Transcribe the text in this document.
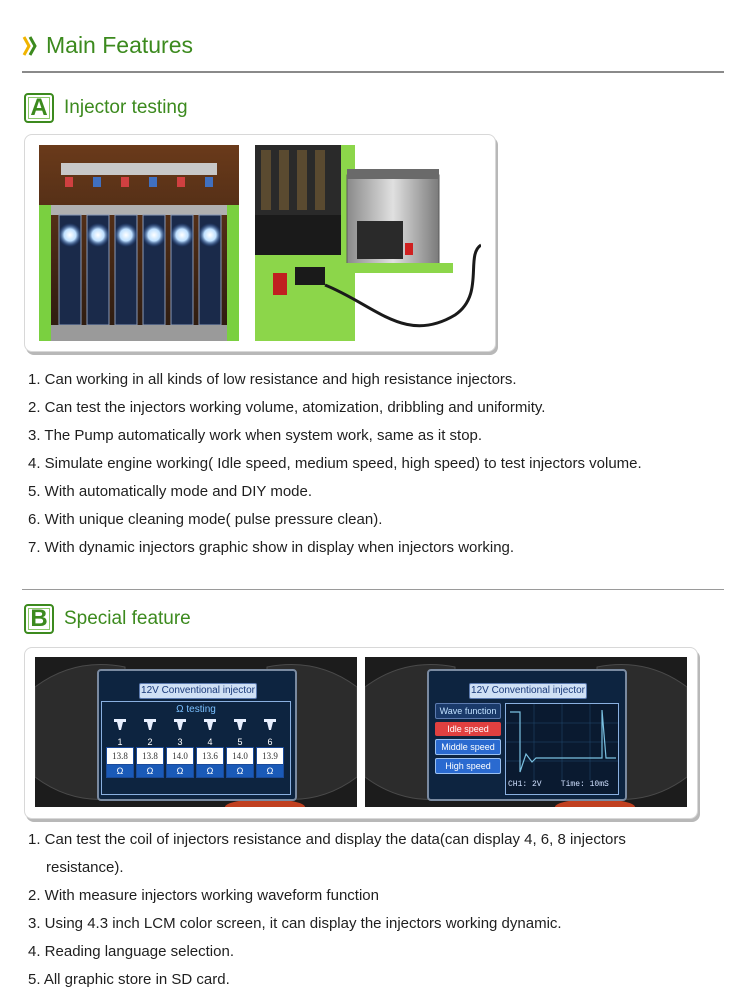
Main Features
A Injector testing
1. Can working in all kinds of low resistance and high resistance injectors.
2. Can test the injectors working volume, atomization, dribbling and uniformity.
3. The Pump automatically work when system work, same as it stop.
4. Simulate engine working( Idle speed, medium speed, high speed) to test injectors volume.
5. With automatically mode and DIY mode.
6. With unique cleaning mode( pulse pressure clean).
7. With dynamic injectors graphic show in display when injectors working.
B Special feature
12V Conventional injector
Ω testing
1
13.8
Ω
2
13.8
Ω
3
14.0
Ω
4
13.6
Ω
5
14.0
Ω
6
13.9
Ω
12V Conventional injector
Wave function
Idle speed
Middle speed
High speed
CH1: 2V    Time: 10mS
1. Can test the coil of injectors resistance and display the data(can display 4, 6, 8 injectors
resistance).
2. With measure injectors working waveform function
3. Using 4.3 inch LCM color screen, it can display the injectors working dynamic.
4. Reading language selection.
5. All graphic store in SD card.
